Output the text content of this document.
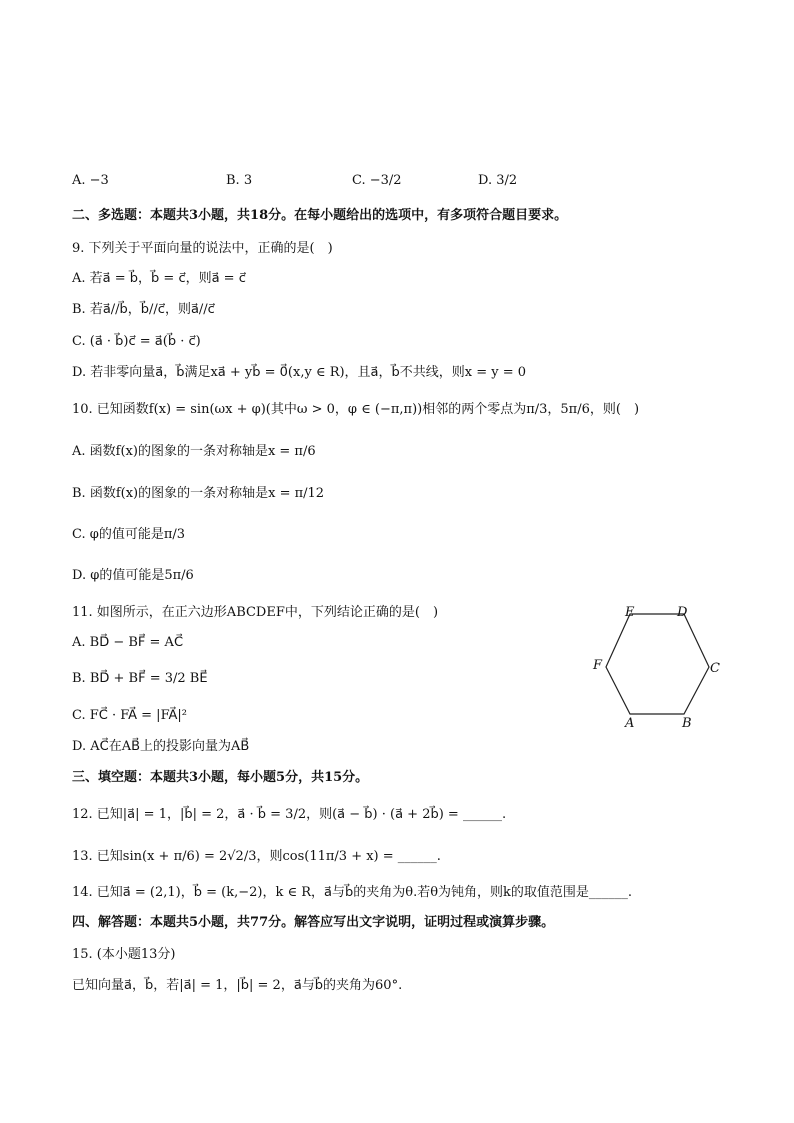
A. −3	B. 3	C. −3/2	D. 3/2
二、多选题：本题共3小题，共18分。在每小题给出的选项中，有多项符合题目要求。
9. 下列关于平面向量的说法中，正确的是(　)
A. 若a⃗ = b⃗，b⃗ = c⃗，则a⃗ = c⃗
B. 若a⃗//b⃗，b⃗//c⃗，则a⃗//c⃗
C. (a⃗ · b⃗)c⃗ = a⃗(b⃗ · c⃗)
D. 若非零向量a⃗，b⃗满足xa⃗ + yb⃗ = 0⃗(x,y ∈ R)，且a⃗，b⃗不共线，则x = y = 0
10. 已知函数f(x) = sin(ωx + φ)(其中ω > 0，φ ∈ (−π,π))相邻的两个零点为π/3，5π/6，则(　)
A. 函数f(x)的图象的一条对称轴是x = π/6
B. 函数f(x)的图象的一条对称轴是x = π/12
C. φ的值可能是π/3
D. φ的值可能是5π/6
11. 如图所示，在正六边形ABCDEF中，下列结论正确的是(　)
A. BD⃗ − BF⃗ = AC⃗
B. BD⃗ + BF⃗ = 3/2 BE⃗
C. FC⃗ · FA⃗ = |FA⃗|²
D. AC⃗在AB⃗上的投影向量为AB⃗
E	D
C
F
A	B
三、填空题：本题共3小题，每小题5分，共15分。
12. 已知|a⃗| = 1，|b⃗| = 2，a⃗ · b⃗ = 3/2，则(a⃗ − b⃗) · (a⃗ + 2b⃗) = ______.
13. 已知sin(x + π/6) = 2√2/3，则cos(11π/3 + x) = ______.
14. 已知a⃗ = (2,1)，b⃗ = (k,−2)，k ∈ R，a⃗与b⃗的夹角为θ.若θ为钝角，则k的取值范围是______.
四、解答题：本题共5小题，共77分。解答应写出文字说明，证明过程或演算步骤。
15. (本小题13分)
已知向量a⃗，b⃗，若|a⃗| = 1，|b⃗| = 2，a⃗与b⃗的夹角为60°.
